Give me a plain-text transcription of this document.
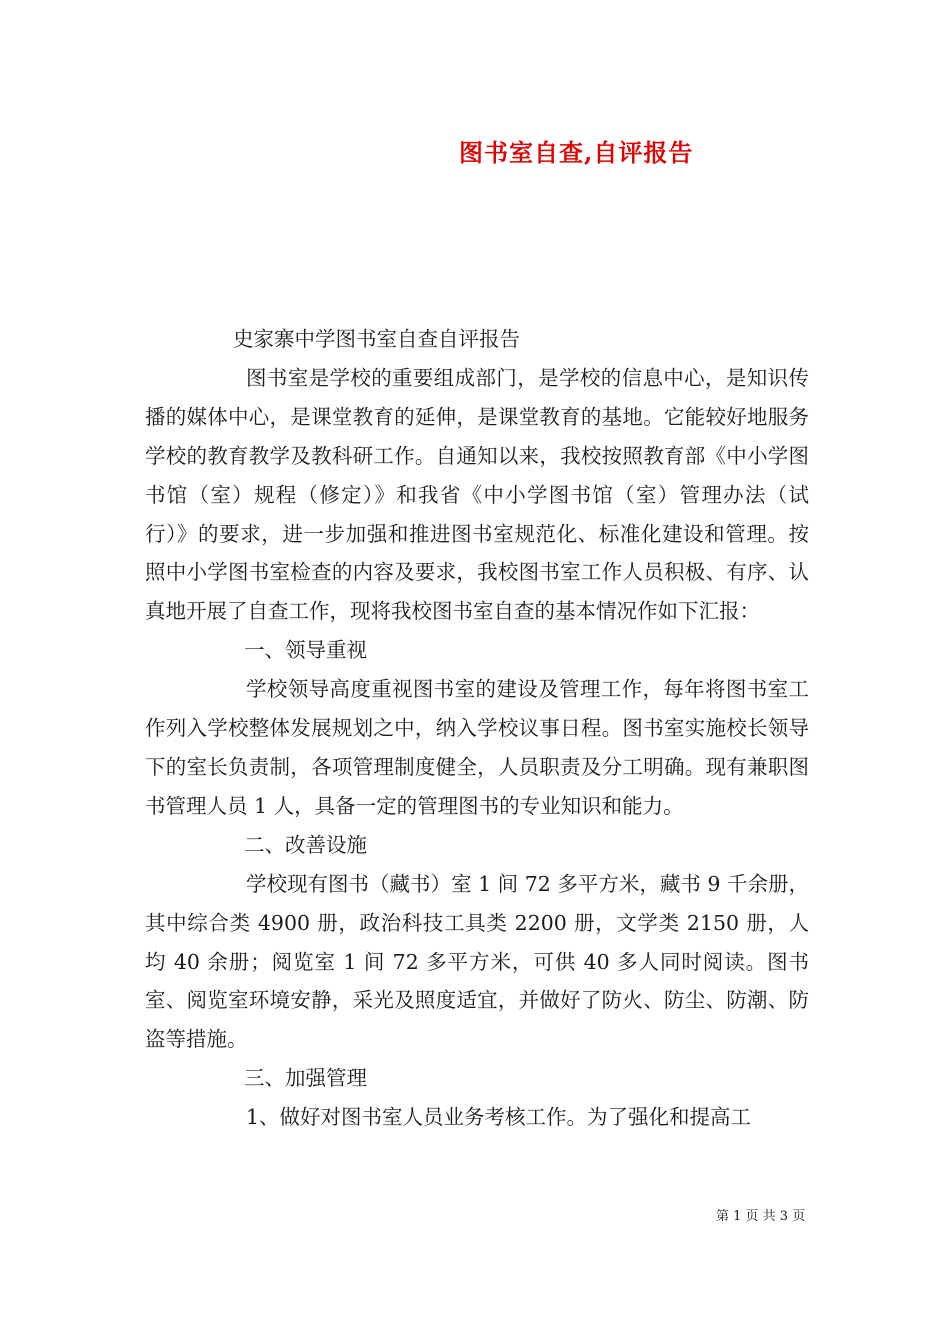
图书室自查,自评报告

史家寨中学图书室自查自评报告

图书室是学校的重要组成部门，是学校的信息中心，是知识传播的媒体中心，是课堂教育的延伸，是课堂教育的基地。它能较好地服务学校的教育教学及教科研工作。自通知以来，我校按照教育部《中小学图书馆（室）规程（修定）》和我省《中小学图书馆（室）管理办法（试行）》的要求，进一步加强和推进图书室规范化、标准化建设和管理。按照中小学图书室检查的内容及要求，我校图书室工作人员积极、有序、认真地开展了自查工作，现将我校图书室自查的基本情况作如下汇报：

一、领导重视

学校领导高度重视图书室的建设及管理工作，每年将图书室工作列入学校整体发展规划之中，纳入学校议事日程。图书室实施校长领导下的室长负责制，各项管理制度健全，人员职责及分工明确。现有兼职图书管理人员 1 人，具备一定的管理图书的专业知识和能力。

二、改善设施

学校现有图书（藏书）室 1 间 72 多平方米，藏书 9 千余册，其中综合类 4900 册，政治科技工具类 2200 册，文学类 2150 册，人均 40 余册；阅览室 1 间 72 多平方米，可供 40 多人同时阅读。图书室、阅览室环境安静，采光及照度适宜，并做好了防火、防尘、防潮、防盗等措施。

三、加强管理

1、做好对图书室人员业务考核工作。为了强化和提高工

第 1 页 共 3 页
